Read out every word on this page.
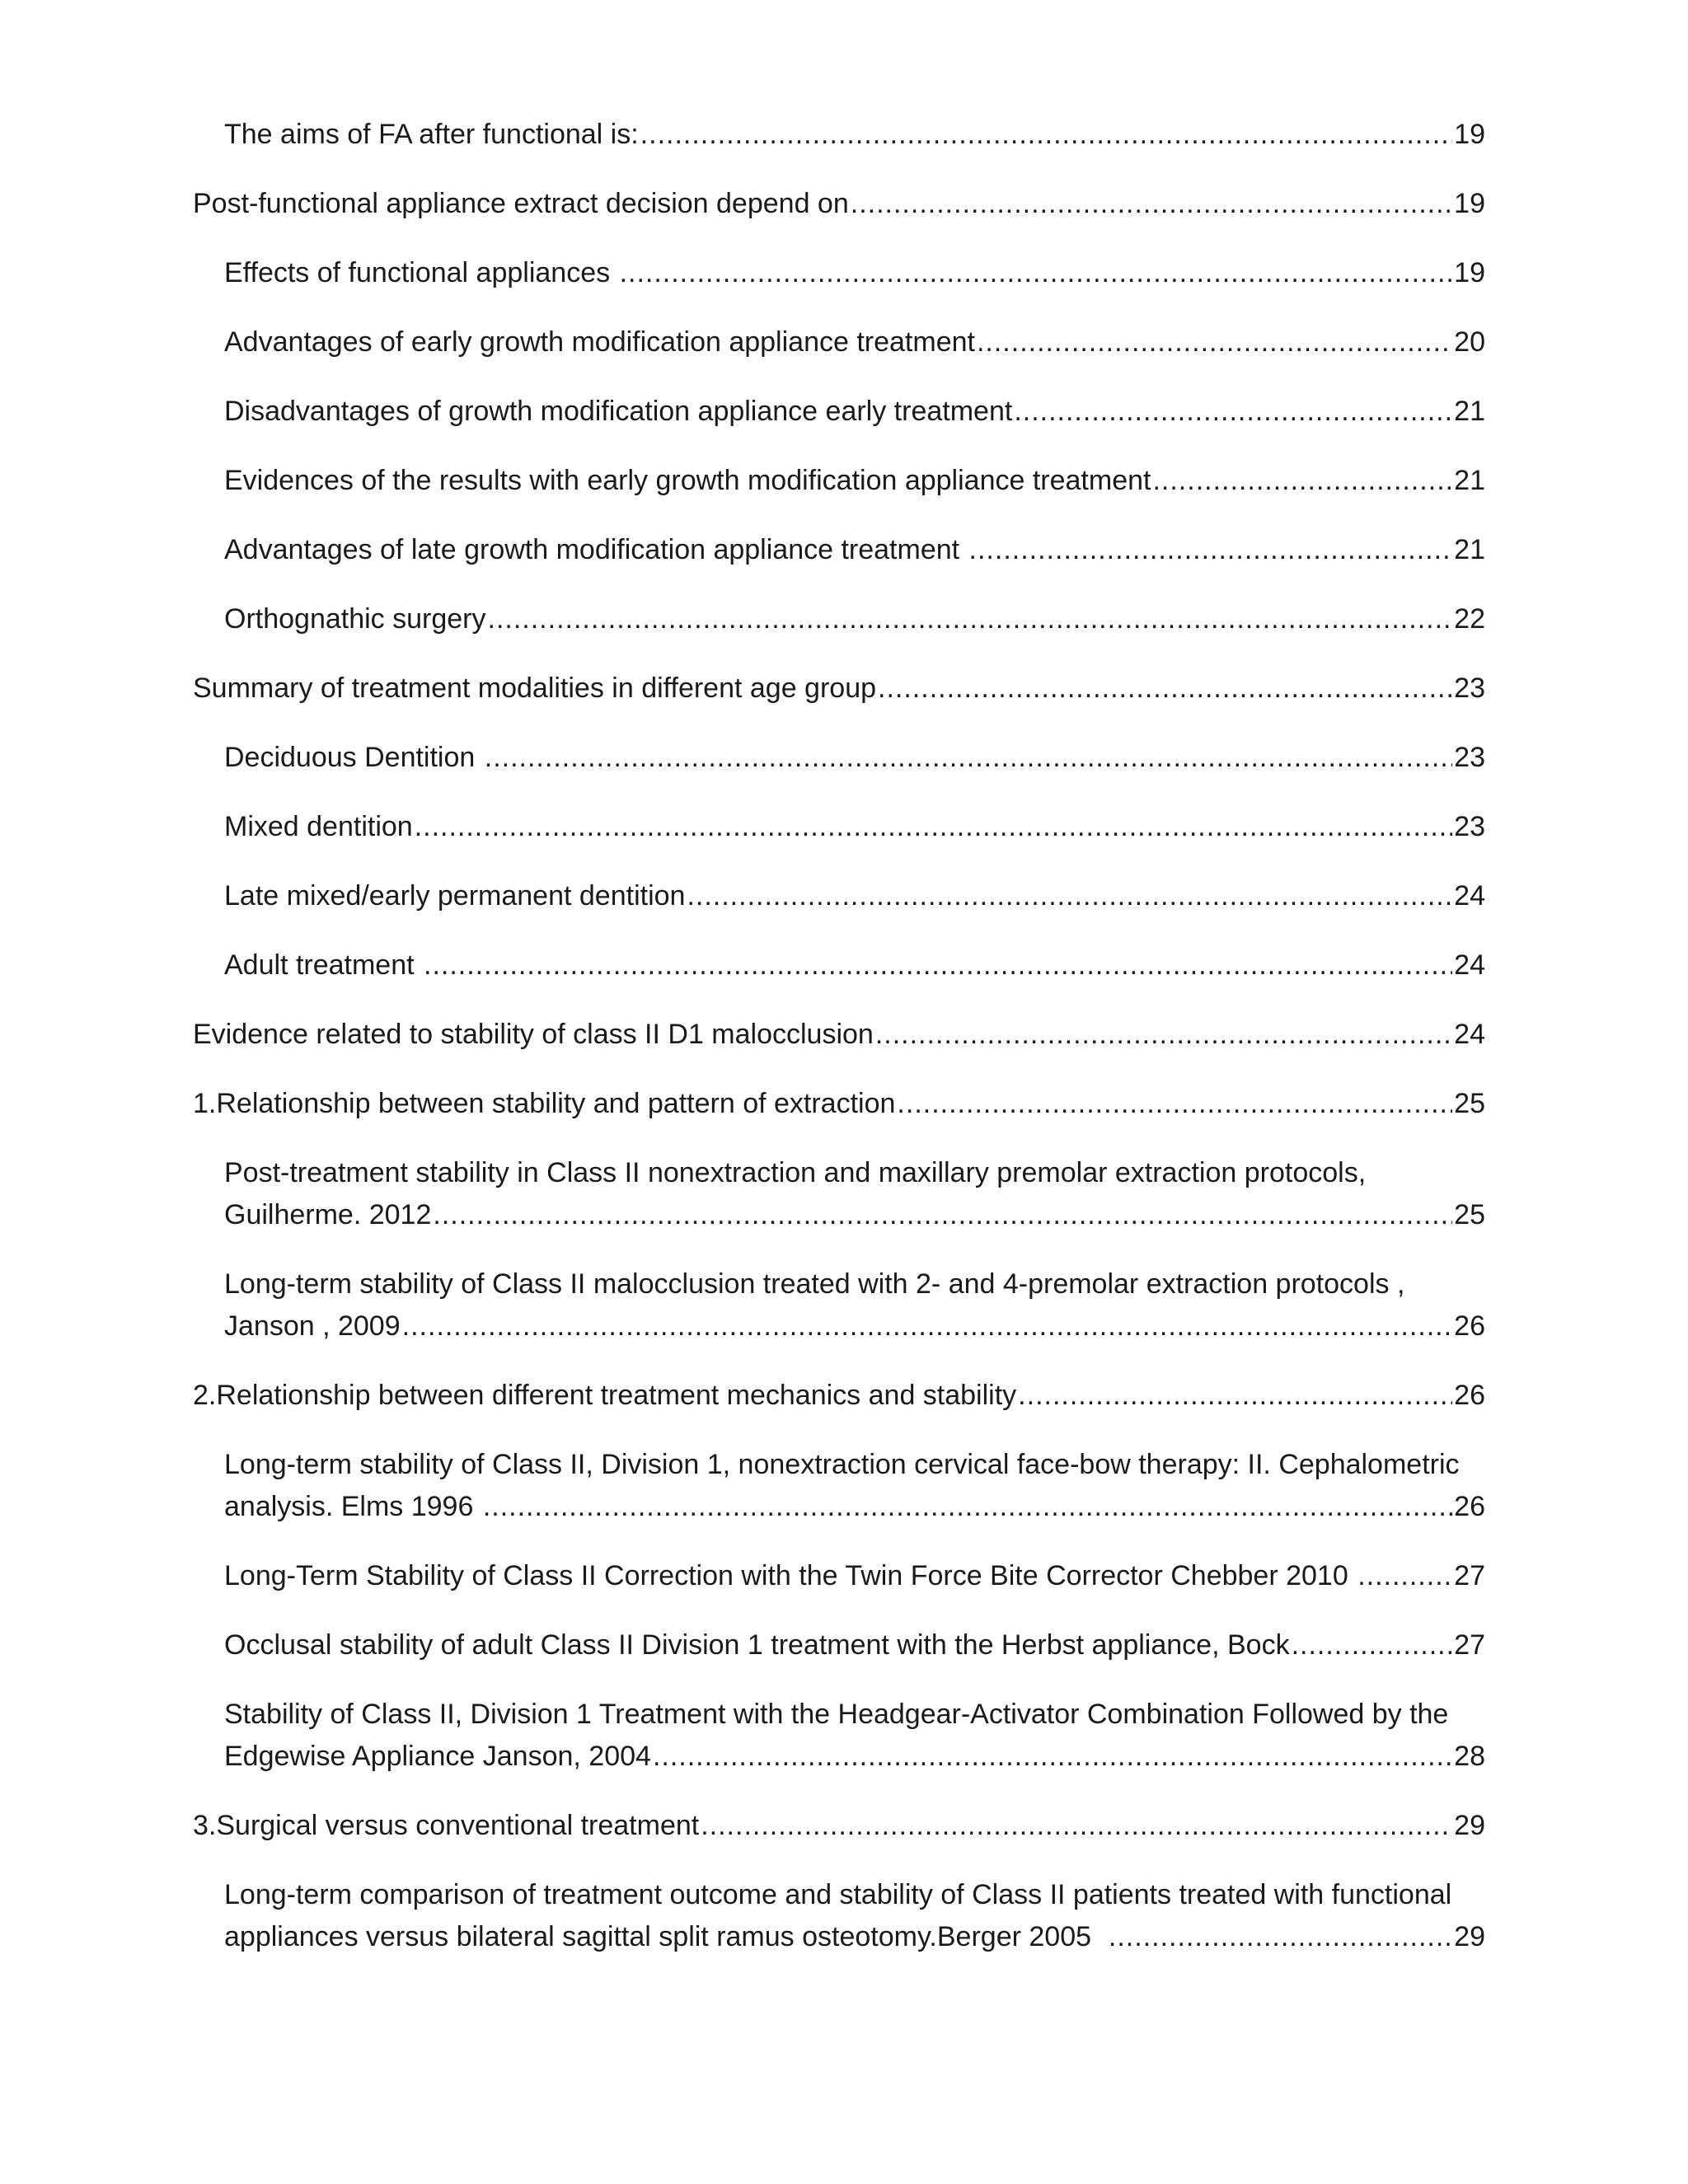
The aims of FA after functional is: .....	19
Post-functional appliance extract decision depend on .....	19
Effects of functional appliances .....	19
Advantages of early growth modification appliance treatment .....	20
Disadvantages of growth modification appliance early treatment .....	21
Evidences of the results with early growth modification appliance treatment .....	21
Advantages of late growth modification appliance treatment .....	21
Orthognathic surgery .....	22
Summary of treatment modalities in different age group .....	23
Deciduous Dentition .....	23
Mixed dentition .....	23
Late mixed/early permanent dentition .....	24
Adult treatment .....	24
Evidence related to stability of class II D1 malocclusion .....	24
1.Relationship between stability and pattern of extraction .....	25
Post-treatment stability in Class II nonextraction and maxillary premolar extraction protocols,
Guilherme. 2012 .....	25
Long-term stability of Class II malocclusion treated with 2- and 4-premolar extraction protocols ,
Janson , 2009 .....	26
2.Relationship between different treatment mechanics and stability .....	26
Long-term stability of Class II, Division 1, nonextraction cervical face-bow therapy: II. Cephalometric
analysis. Elms 1996 .....	26
Long-Term Stability of Class II Correction with the Twin Force Bite Corrector Chebber 2010 .....	27
Occlusal stability of adult Class II Division 1 treatment with the Herbst appliance, Bock .....	27
Stability of Class II, Division 1 Treatment with the Headgear-Activator Combination Followed by the
Edgewise Appliance Janson, 2004 .....	28
3.Surgical versus conventional treatment .....	29
Long-term comparison of treatment outcome and stability of Class II patients treated with functional
appliances versus bilateral sagittal split ramus osteotomy.Berger 2005 .....	29
